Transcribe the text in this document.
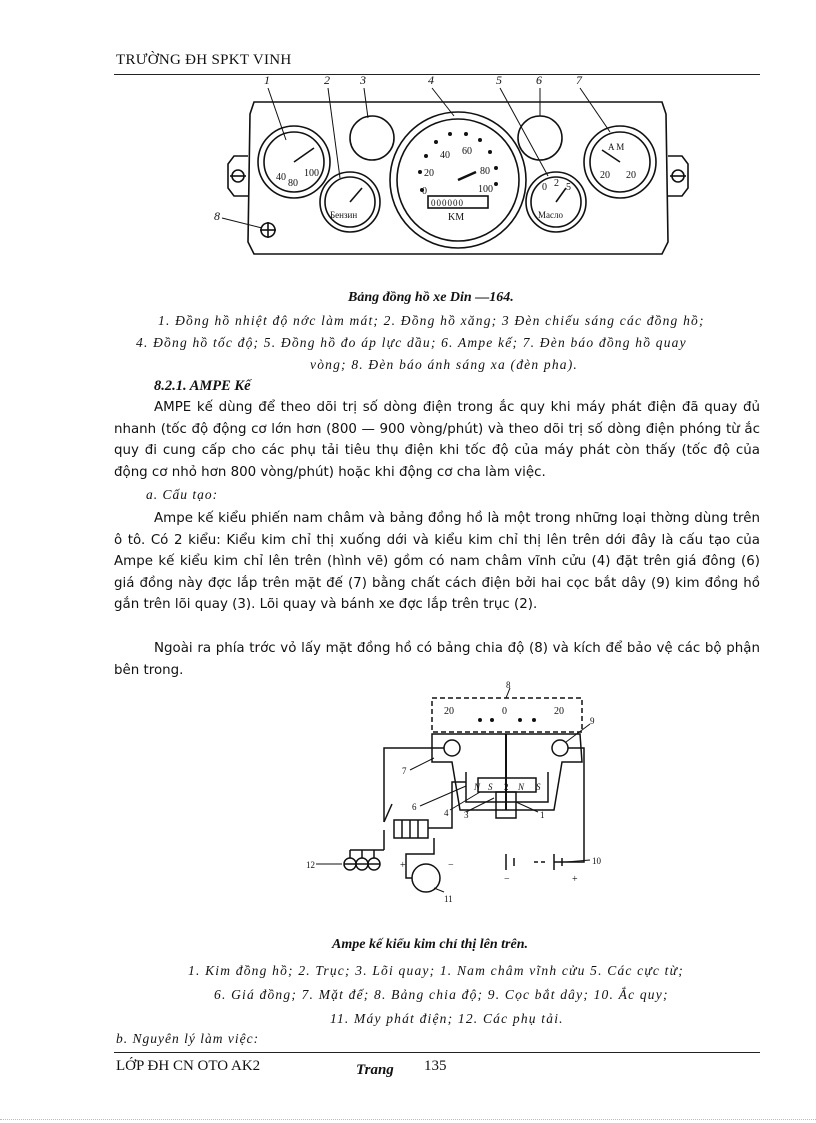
TRƯỜNG ĐH SPKT VINH
1	2	3	4	5	6	7
8
40
80
100
Бензин
0
20
40 60
80
100
000000
KM
0 2 5
Масло
A M
20 20
Bảng đồng hồ xe Din —164.
1. Đồng hồ nhiệt độ nớc làm mát; 2. Đồng hồ xăng; 3 Đèn chiếu sáng các đồng hồ;
4. Đồng hồ tốc độ; 5. Đồng hồ đo áp lực dầu; 6. Ampe kế; 7. Đèn báo đồng hồ quay
vòng; 8. Đèn báo ánh sáng xa (đèn pha).
8.2.1. AMPE Kế
AMPE kế dùng để theo dõi trị số dòng điện trong ắc quy khi máy phát điện đã quay đủ nhanh (tốc độ động cơ lớn hơn (800 — 900 vòng/phút) và theo dõi trị số dòng điện phóng từ ắc quy đi cung cấp cho các phụ tải tiêu thụ điện khi tốc độ của máy phát còn thấy (tốc độ của động cơ nhỏ hơn 800 vòng/phút) hoặc khi động cơ cha làm việc.
a. Cấu tạo:
Ampe kế kiểu phiến nam châm và bảng đồng hồ là một trong những loại thờng dùng trên ô tô. Có 2 kiểu: Kiểu kim chỉ thị xuống dới và kiểu kim chỉ thị lên trên dới đây là cấu tạo của Ampe kế kiểu kim chỉ lên trên (hình vẽ) gồm có nam châm vĩnh cửu (4) đặt trên giá đông (6) giá đồng này đợc lắp trên mặt đế (7) bằng chất cách điện bởi hai cọc bắt dây (9) kim đồng hồ gắn trên lõi quay (3). Lõi quay và bánh xe đợc lắp trên trục (2).
Ngoài ra phía trớc vỏ lấy mặt đồng hồ có bảng chia độ (8) và kích để bảo vệ các bộ phận bên trong.
20	0	20
N S	N S
+	−
−	+
8
9
7
6
4 3
2
1
12
11
10
Ampe kế kiểu kim chỉ thị lên trên.
1. Kim đồng hồ; 2. Trục; 3. Lõi quay; 1. Nam châm vĩnh cửu 5. Các cực từ;
6. Giá đồng; 7. Mặt đế; 8. Bảng chia độ; 9. Cọc bắt dây; 10. Ắc quy;
11. Máy phát điện; 12. Các phụ tải.
b. Nguyên lý làm việc:
LỚP ĐH CN OTO AK2	Trang 135
